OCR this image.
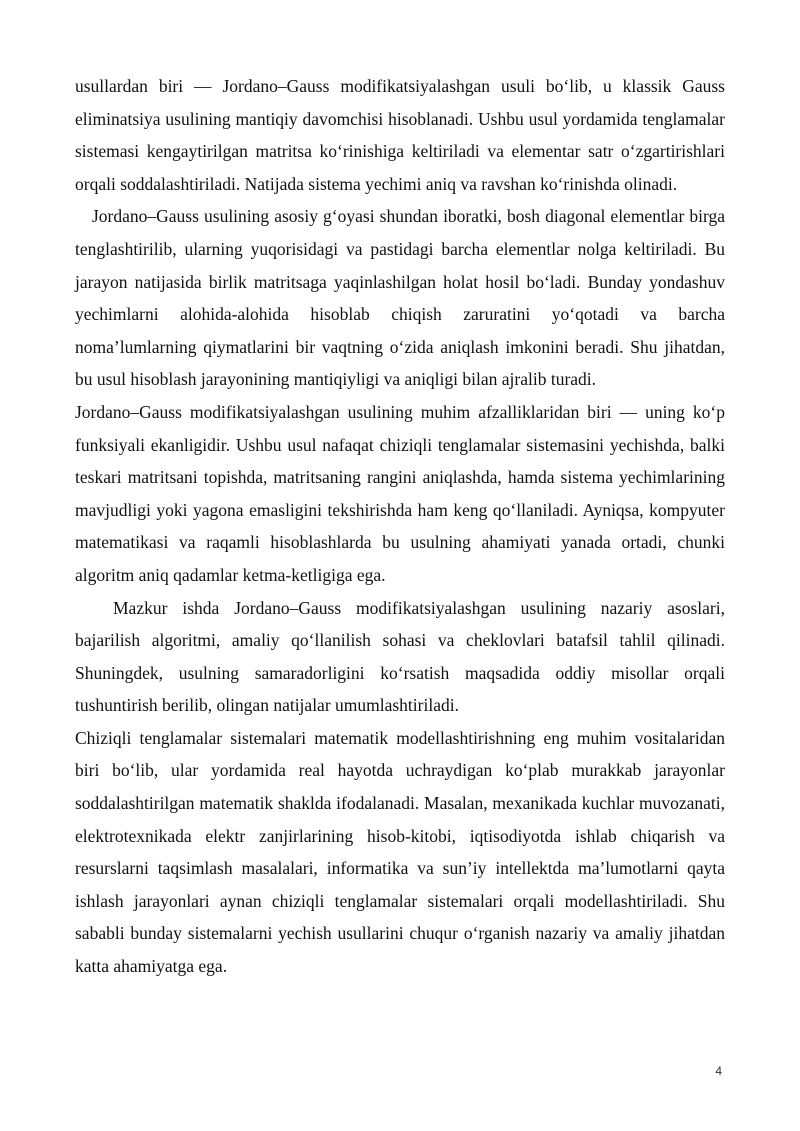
usullardan biri — Jordano–Gauss modifikatsiyalashgan usuli bo‘lib, u klassik Gauss eliminatsiya usulining mantiqiy davomchisi hisoblanadi. Ushbu usul yordamida tenglamalar sistemasi kengaytirilgan matritsa ko‘rinishiga keltiriladi va elementar satr o‘zgartirishlari orqali soddalashtiriladi. Natijada sistema yechimi aniq va ravshan ko‘rinishda olinadi.

Jordano–Gauss usulining asosiy g‘oyasi shundan iboratki, bosh diagonal elementlar birga tenglashtirilib, ularning yuqorisidagi va pastidagi barcha elementlar nolga keltiriladi. Bu jarayon natijasida birlik matritsaga yaqinlashilgan holat hosil bo‘ladi. Bunday yondashuv yechimlarni alohida-alohida hisoblab chiqish zaruratini yo‘qotadi va barcha noma’lumlarning qiymatlarini bir vaqtning o‘zida aniqlash imkonini beradi. Shu jihatdan, bu usul hisoblash jarayonining mantiqiyligi va aniqligi bilan ajralib turadi.

Jordano–Gauss modifikatsiyalashgan usulining muhim afzalliklaridan biri — uning ko‘p funksiyali ekanligidir. Ushbu usul nafaqat chiziqli tenglamalar sistemasini yechishda, balki teskari matritsani topishda, matritsaning rangini aniqlashda, hamda sistema yechimlarining mavjudligi yoki yagona emasligini tekshirishda ham keng qo‘llaniladi. Ayniqsa, kompyuter matematikasi va raqamli hisoblashlarda bu usulning ahamiyati yanada ortadi, chunki algoritm aniq qadamlar ketma-ketligiga ega.

Mazkur ishda Jordano–Gauss modifikatsiyalashgan usulining nazariy asoslari, bajarilish algoritmi, amaliy qo‘llanilish sohasi va cheklovlari batafsil tahlil qilinadi. Shuningdek, usulning samaradorligini ko‘rsatish maqsadida oddiy misollar orqali tushuntirish berilib, olingan natijalar umumlashtiriladi.

Chiziqli tenglamalar sistemalari matematik modellashtirishning eng muhim vositalaridan biri bo‘lib, ular yordamida real hayotda uchraydigan ko‘plab murakkab jarayonlar soddalashtirilgan matematik shaklda ifodalanadi. Masalan, mexanikada kuchlar muvozanati, elektrotexnikada elektr zanjirlarining hisob-kitobi, iqtisodiyotda ishlab chiqarish va resurslarni taqsimlash masalalari, informatika va sun’iy intellektda ma’lumotlarni qayta ishlash jarayonlari aynan chiziqli tenglamalar sistemalari orqali modellashtiriladi. Shu sababli bunday sistemalarni yechish usullarini chuqur o‘rganish nazariy va amaliy jihatdan katta ahamiyatga ega.

4
